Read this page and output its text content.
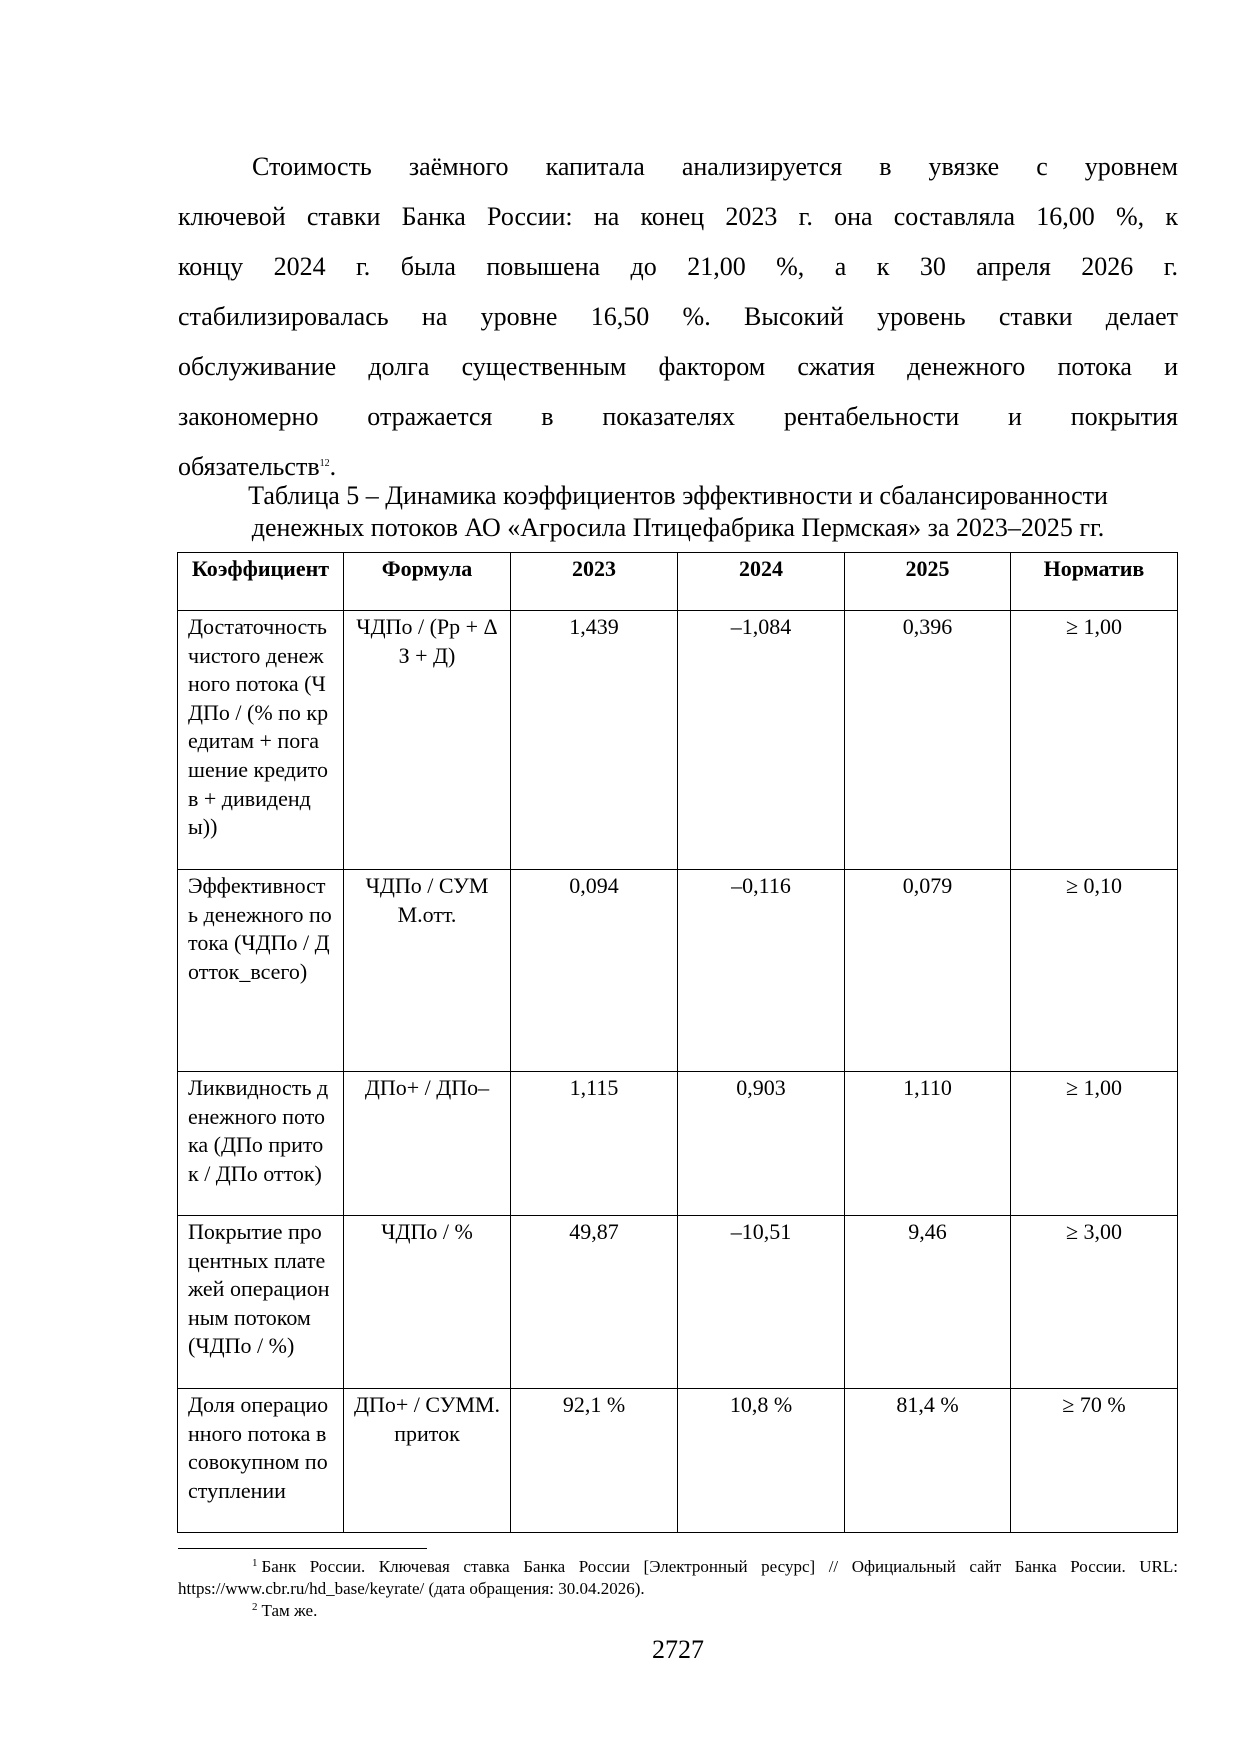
Стоимость заёмного капитала анализируется в увязке с уровнем
ключевой ставки Банка России: на конец 2023 г. она составляла 16,00 %, к
концу 2024 г. была повышена до 21,00 %, а к 30 апреля 2026 г.
стабилизировалась на уровне 16,50 %. Высокий уровень ставки делает
обслуживание долга существенным фактором сжатия денежного потока и
закономерно отражается в показателях рентабельности и покрытия
обязательств$^{12}$.
Таблица 5 – Динамика коэффициентов эффективности и сбалансированности
денежных потоков АО «Агросила Птицефабрика Пермская» за 2023–2025 гг.
Коэффициент	Формула	2023	2024	2025	Норматив
Достаточность чистого денежного потока (ЧДПо / (% по кредитам + погашение кредитов + дивиденды))	ЧДПо / (Рр + ΔЗ + Д)	1,439	–1,084	0,396	≥ 1,00
Эффективность денежного потока (ЧДПо / Дотток_всего)	ЧДПо / СУММ.отт.	0,094	–0,116	0,079	≥ 0,10
Ликвидность денежного потока (ДПо приток / ДПо отток)	ДПо+ / ДПо–	1,115	0,903	1,110	≥ 1,00
Покрытие процентных платежей операционным потоком (ЧДПо / %)	ЧДПо / %	49,87	–10,51	9,46	≥ 3,00
Доля операционного потока в совокупном поступлении	ДПо+ / СУММ.приток	92,1 %	10,8 %	81,4 %	≥ 70 %

$^1$ Банк России. Ключевая ставка Банка России [Электронный ресурс] // Официальный сайт Банка России. URL: https://www.cbr.ru/hd_base/keyrate/ (дата обращения: 30.04.2026).

$^2$ Там же.

2727
